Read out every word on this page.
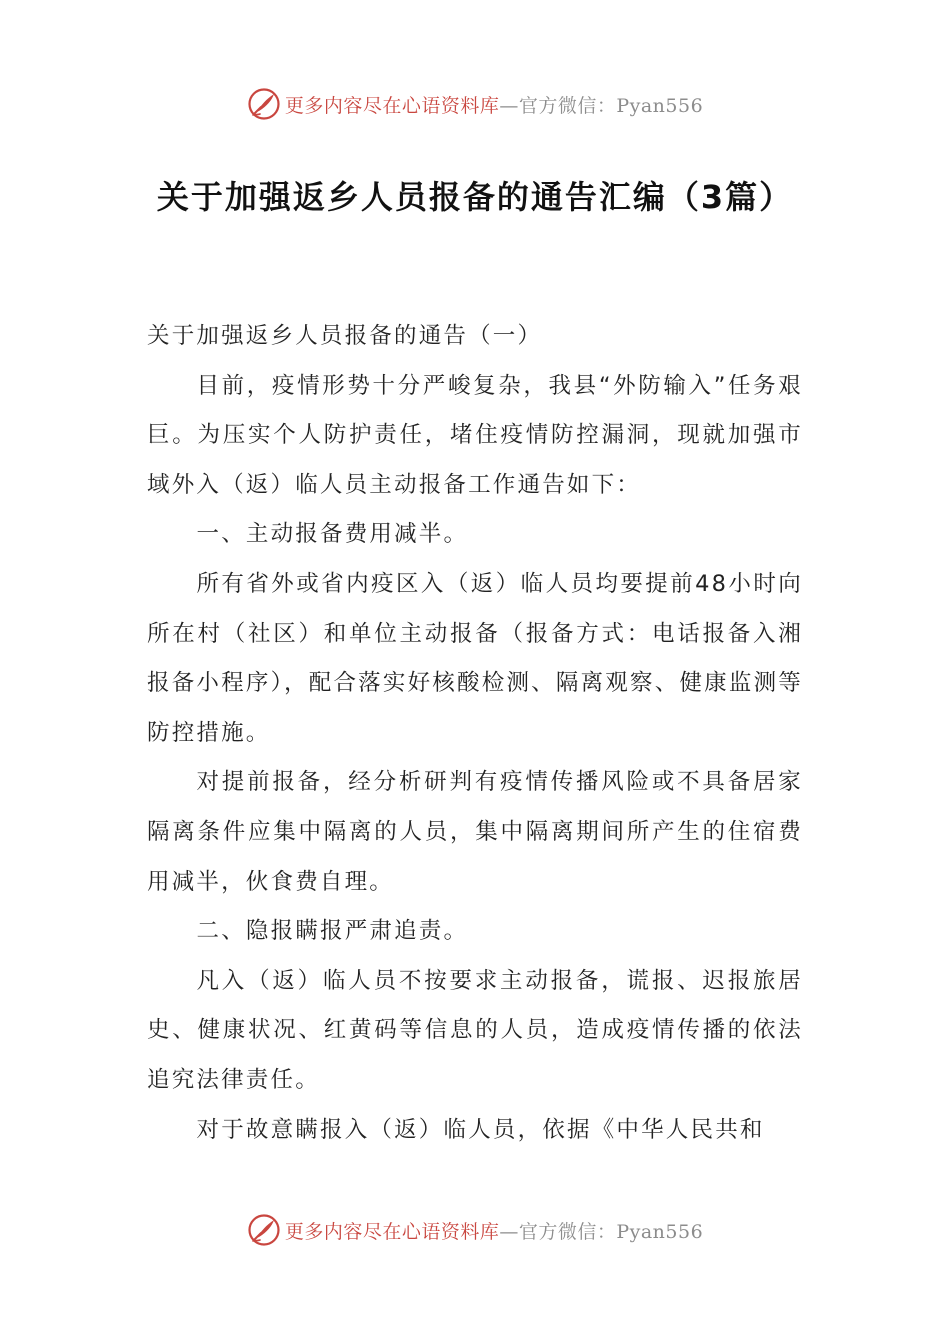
更多内容尽在心语资料库—官方微信：Pyan556
关于加强返乡人员报备的通告汇编（3篇）

关于加强返乡人员报备的通告（一）

目前，疫情形势十分严峻复杂，我县“外防输入”任务艰巨。为压实个人防护责任，堵住疫情防控漏洞，现就加强市域外入（返）临人员主动报备工作通告如下：

一、主动报备费用减半。

所有省外或省内疫区入（返）临人员均要提前48小时向所在村（社区）和单位主动报备（报备方式：电话报备入湘报备小程序），配合落实好核酸检测、隔离观察、健康监测等防控措施。

对提前报备，经分析研判有疫情传播风险或不具备居家隔离条件应集中隔离的人员，集中隔离期间所产生的住宿费用减半，伙食费自理。

二、隐报瞒报严肃追责。

凡入（返）临人员不按要求主动报备，谎报、迟报旅居史、健康状况、红黄码等信息的人员，造成疫情传播的依法追究法律责任。

对于故意瞒报入（返）临人员，依据《中华人民共和

更多内容尽在心语资料库—官方微信：Pyan556
